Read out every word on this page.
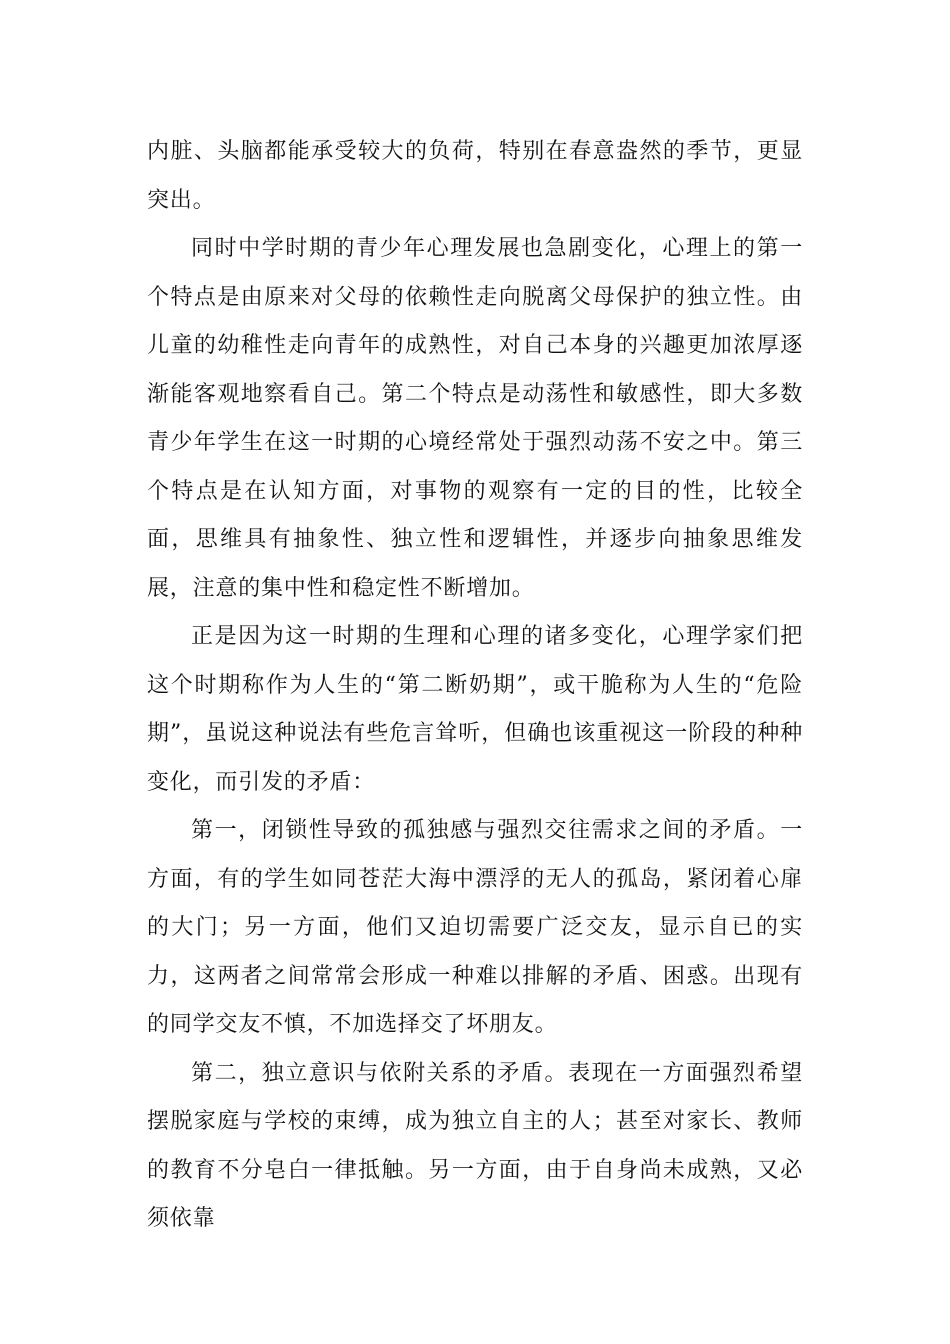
内脏、头脑都能承受较大的负荷，特别在春意盎然的季节，更显突出。

同时中学时期的青少年心理发展也急剧变化，心理上的第一个特点是由原来对父母的依赖性走向脱离父母保护的独立性。由儿童的幼稚性走向青年的成熟性，对自己本身的兴趣更加浓厚逐渐能客观地察看自己。第二个特点是动荡性和敏感性，即大多数青少年学生在这一时期的心境经常处于强烈动荡不安之中。第三个特点是在认知方面，对事物的观察有一定的目的性，比较全面，思维具有抽象性、独立性和逻辑性，并逐步向抽象思维发展，注意的集中性和稳定性不断增加。

正是因为这一时期的生理和心理的诸多变化，心理学家们把这个时期称作为人生的“第二断奶期”，或干脆称为人生的“危险期”，虽说这种说法有些危言耸听，但确也该重视这一阶段的种种变化，而引发的矛盾：

第一，闭锁性导致的孤独感与强烈交往需求之间的矛盾。一方面，有的学生如同苍茫大海中漂浮的无人的孤岛，紧闭着心扉的大门；另一方面，他们又迫切需要广泛交友，显示自已的实力，这两者之间常常会形成一种难以排解的矛盾、困惑。出现有的同学交友不慎，不加选择交了坏朋友。

第二，独立意识与依附关系的矛盾。表现在一方面强烈希望摆脱家庭与学校的束缚，成为独立自主的人；甚至对家长、教师的教育不分皂白一律抵触。另一方面，由于自身尚未成熟，又必须依靠
